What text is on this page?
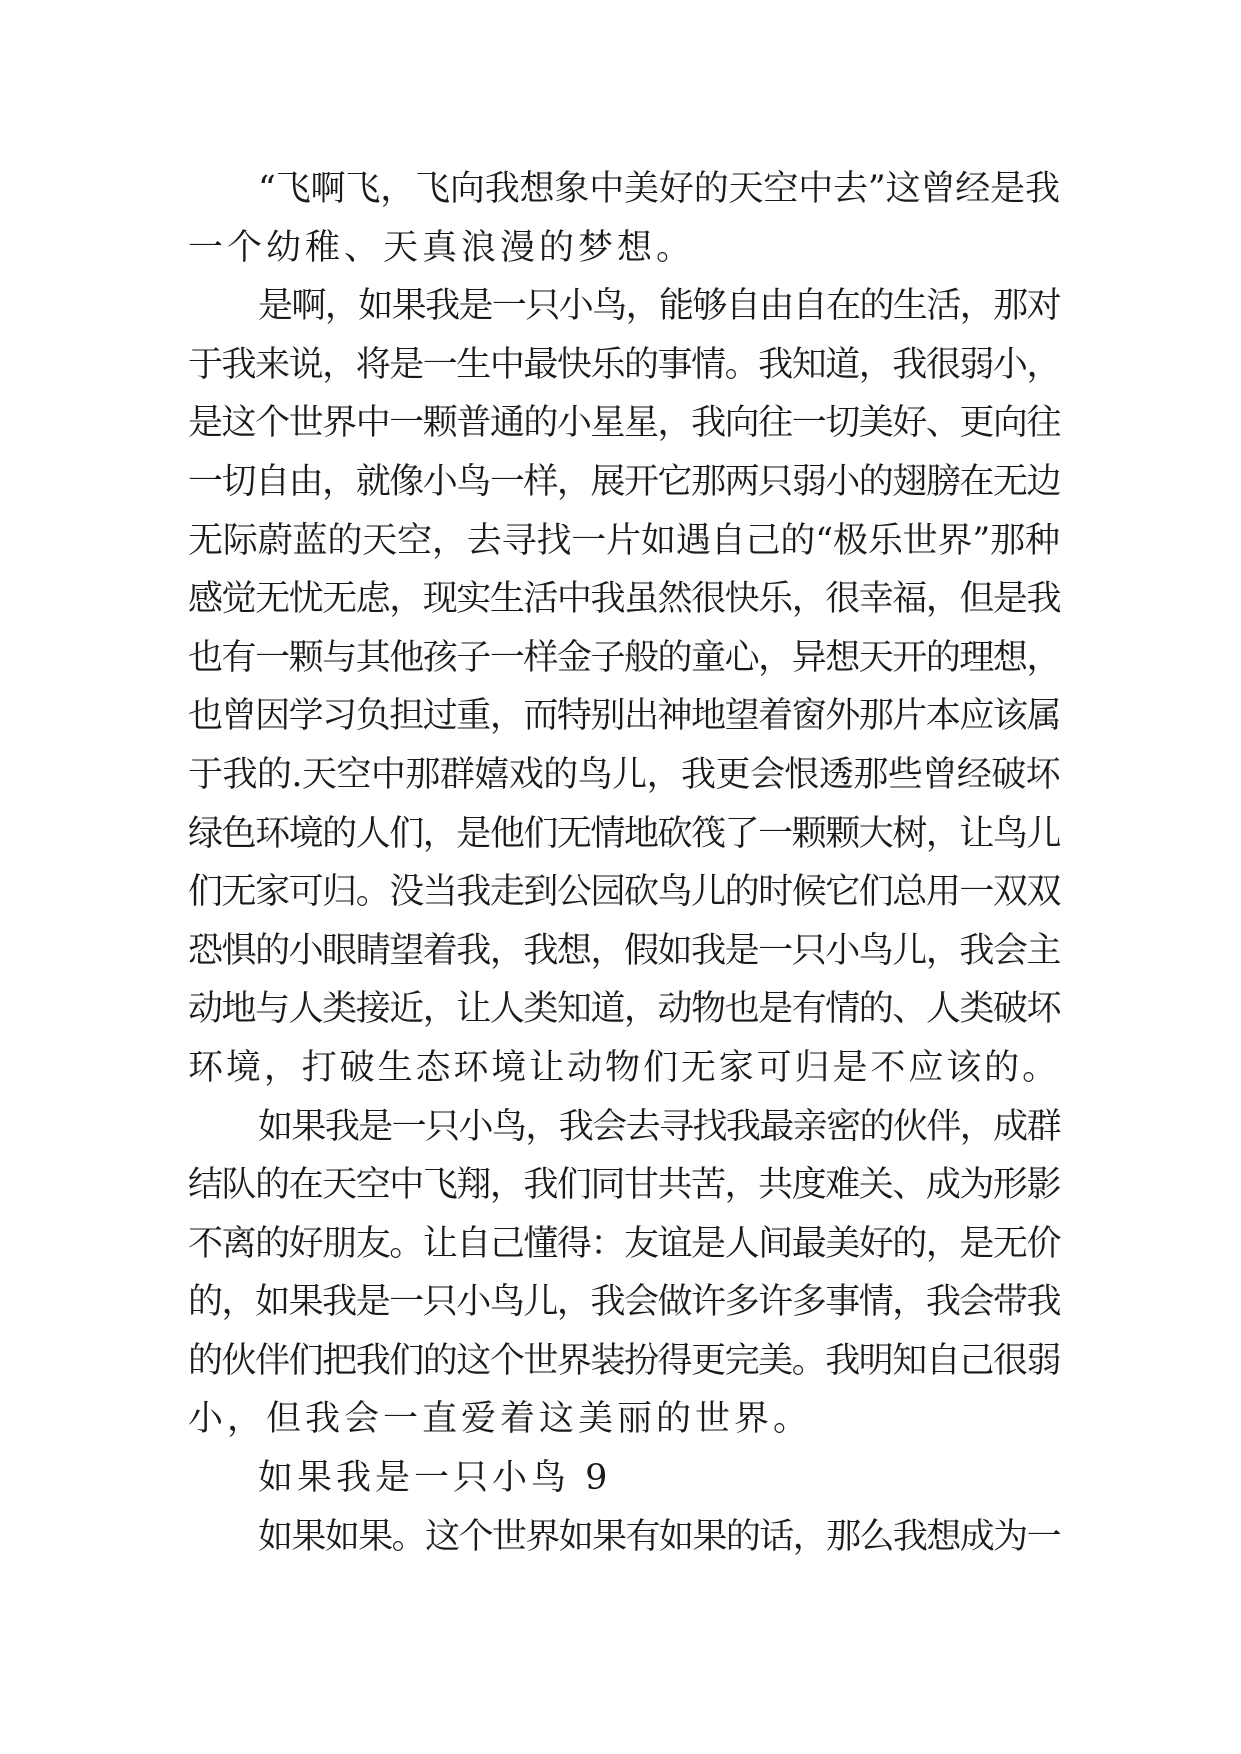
“飞啊飞，飞向我想象中美好的天空中去”这曾经是我
一个幼稚、天真浪漫的梦想。
是啊，如果我是一只小鸟，能够自由自在的生活，那对
于我来说，将是一生中最快乐的事情。我知道，我很弱小，
是这个世界中一颗普通的小星星，我向往一切美好、更向往
一切自由，就像小鸟一样，展开它那两只弱小的翅膀在无边
无际蔚蓝的天空，去寻找一片如遇自己的“极乐世界”那种
感觉无忧无虑，现实生活中我虽然很快乐，很幸福，但是我
也有一颗与其他孩子一样金子般的童心，异想天开的理想，
也曾因学习负担过重，而特别出神地望着窗外那片本应该属
于我的.天空中那群嬉戏的鸟儿，我更会恨透那些曾经破坏
绿色环境的人们，是他们无情地砍筏了一颗颗大树，让鸟儿
们无家可归。没当我走到公园砍鸟儿的时候它们总用一双双
恐惧的小眼睛望着我，我想，假如我是一只小鸟儿，我会主
动地与人类接近，让人类知道，动物也是有情的、人类破坏
环境，打破生态环境让动物们无家可归是不应该的。
如果我是一只小鸟，我会去寻找我最亲密的伙伴，成群
结队的在天空中飞翔，我们同甘共苦，共度难关、成为形影
不离的好朋友。让自己懂得：友谊是人间最美好的，是无价
的，如果我是一只小鸟儿，我会做许多许多事情，我会带我
的伙伴们把我们的这个世界装扮得更完美。我明知自己很弱
小，但我会一直爱着这美丽的世界。
如果我是一只小鸟 9
如果如果。这个世界如果有如果的话，那么我想成为一
